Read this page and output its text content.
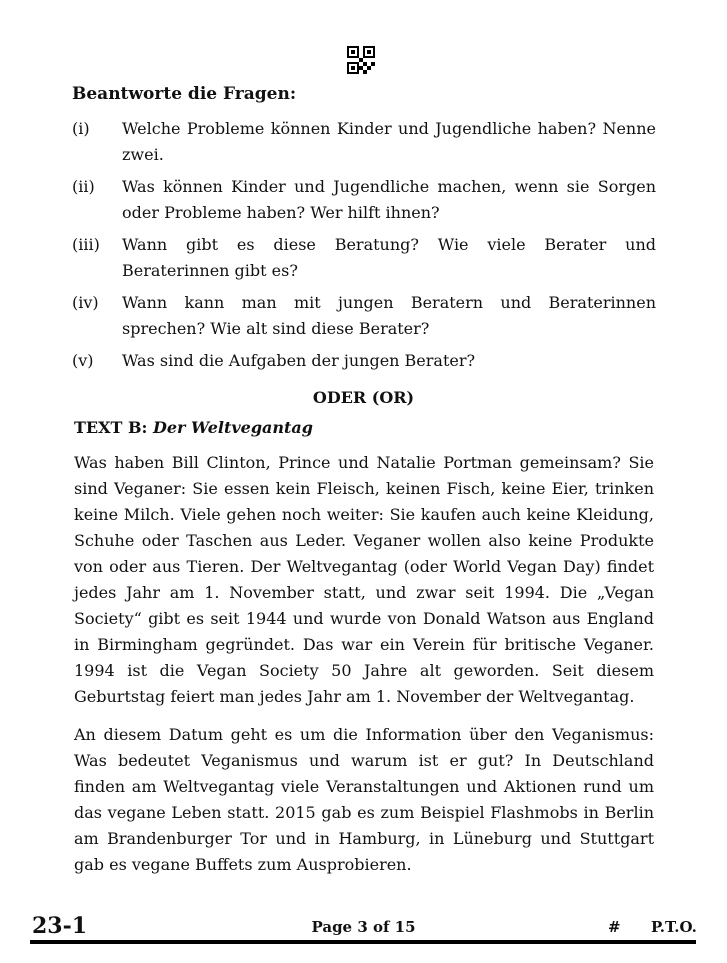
Beantworte die Fragen:
(i) Welche Probleme können Kinder und Jugendliche haben? Nenne zwei.
(ii) Was können Kinder und Jugendliche machen, wenn sie Sorgen oder Probleme haben? Wer hilft ihnen?
(iii) Wann gibt es diese Beratung? Wie viele Berater und Beraterinnen gibt es?
(iv) Wann kann man mit jungen Beratern und Beraterinnen sprechen? Wie alt sind diese Berater?
(v) Was sind die Aufgaben der jungen Berater?
ODER (OR)
TEXT B: Der Weltvegantag
Was haben Bill Clinton, Prince und Natalie Portman gemeinsam? Sie sind Veganer: Sie essen kein Fleisch, keinen Fisch, keine Eier, trinken keine Milch. Viele gehen noch weiter: Sie kaufen auch keine Kleidung, Schuhe oder Taschen aus Leder. Veganer wollen also keine Produkte von oder aus Tieren. Der Weltvegantag (oder World Vegan Day) findet jedes Jahr am 1. November statt, und zwar seit 1994. Die „Vegan Society“ gibt es seit 1944 und wurde von Donald Watson aus England in Birmingham gegründet. Das war ein Verein für britische Veganer. 1994 ist die Vegan Society 50 Jahre alt geworden. Seit diesem Geburtstag feiert man jedes Jahr am 1. November der Weltvegantag.
An diesem Datum geht es um die Information über den Veganismus: Was bedeutet Veganismus und warum ist er gut? In Deutschland finden am Weltvegantag viele Veranstaltungen und Aktionen rund um das vegane Leben statt. 2015 gab es zum Beispiel Flashmobs in Berlin am Brandenburger Tor und in Hamburg, in Lüneburg und Stuttgart gab es vegane Buffets zum Ausprobieren.
23-1	Page 3 of 15	# P.T.O.
